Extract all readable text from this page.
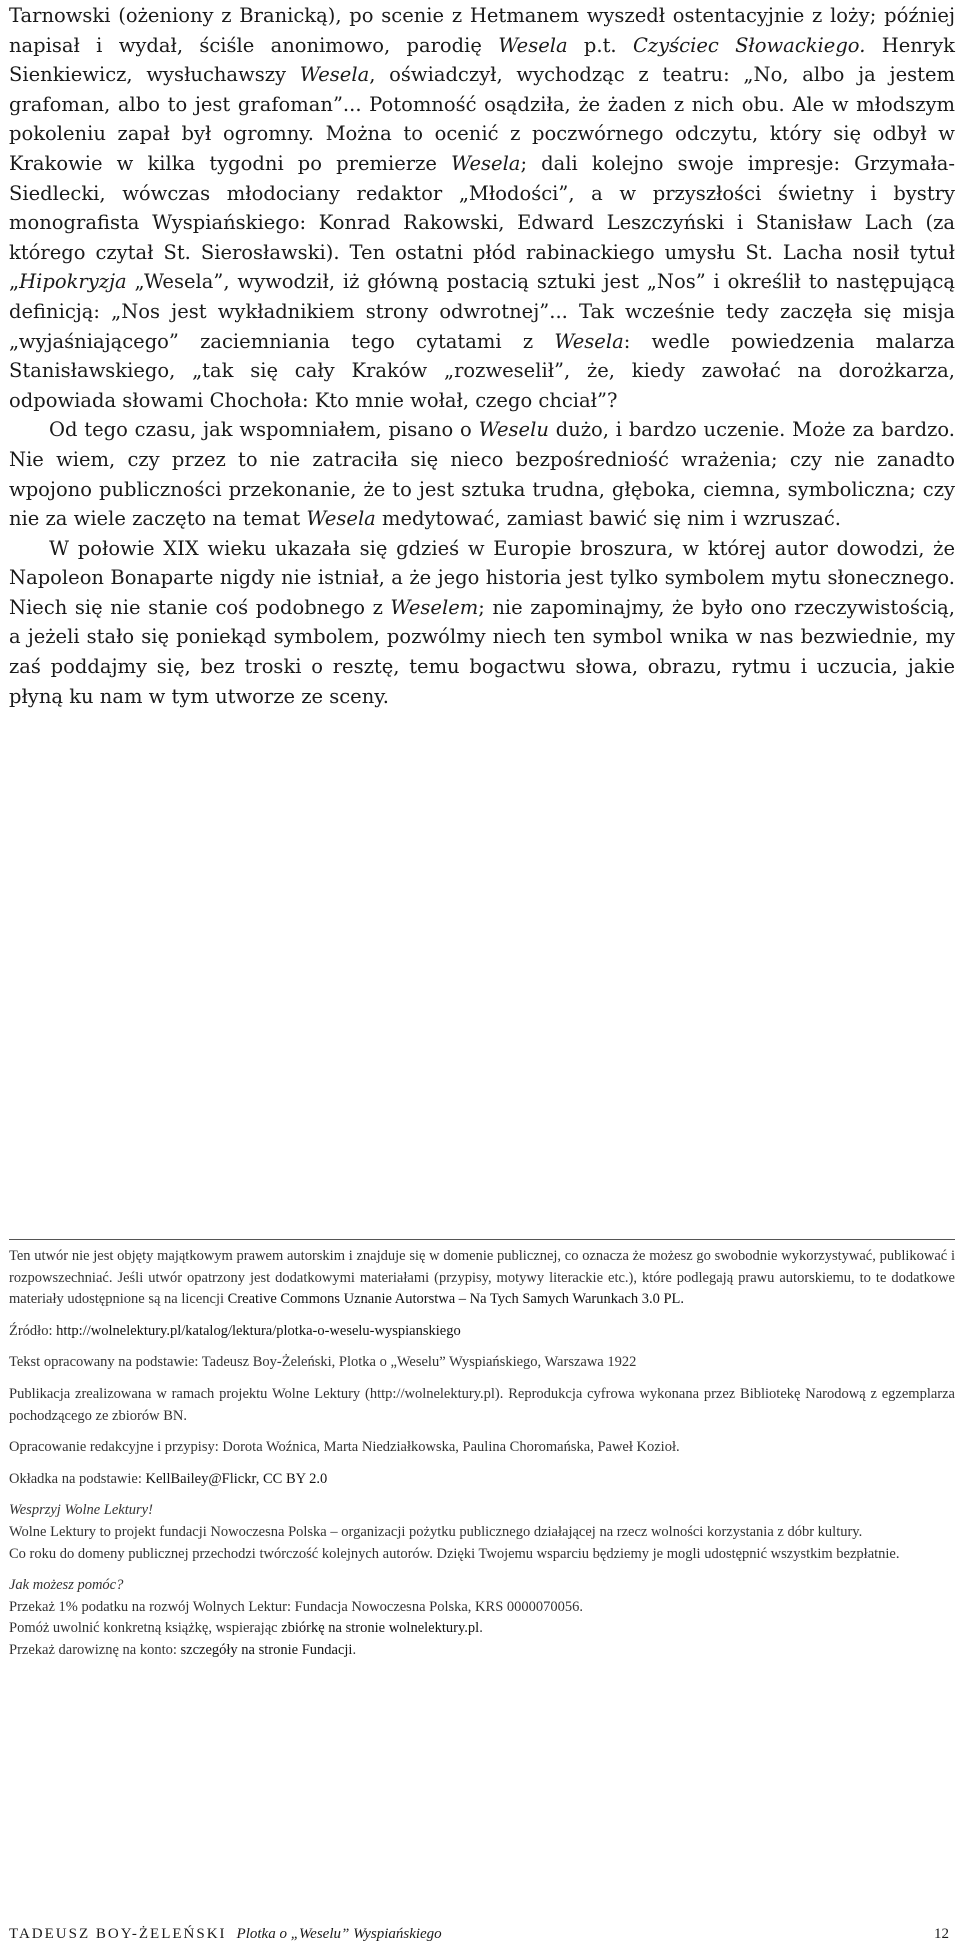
Tarnowski (ożeniony z Branicką), po scenie z Hetmanem wyszedł ostentacyjnie z lożу; później napisał i wydał, ściśle anonimowo, parodię Wesela p.t. Czyściec Słowackiego. Henryk Sienkiewicz, wysłuchawszy Wesela, oświadczył, wychodząc z teatru: „No, albo ja jestem grafoman, albo to jest grafoman”... Potomność osądziła, że żaden z nich obu. Ale w młodszym pokoleniu zapał był ogromny. Można to ocenić z poczwórnego odczytu, który się odbył w Krakowie w kilka tygodni po premierze Wesela; dali kolejno swoje impresje: Grzymała-Siedlecki, wówczas młodociany redaktor „Młodości”, a w przyszłości świetny i bystry monografista Wyspiańskiego: Konrad Rakowski, Edward Leszczyński i Stanisław Lach (za którego czytał St. Sierosławski). Ten ostatni płód rabinackiego umysłu St. Lacha nosił tytuł „Hipokryzja „Wesela”, wywodził, iż główną postacią sztuki jest „Nos” i określił to następującą definicją: „Nos jest wykładnikiem strony odwrotnej”... Tak wcześnie tedy zaczęła się misja „wyjaśniającego” zaciemniania tego cytatami z Wesela: wedle powiedzenia malarza Stanisławskiego, „tak się cały Kraków „rozweselił”, że, kiedy zawołać na dorożkarza, odpowiada słowami Chochoła: Kto mnie wołał, czego chciał”?

Od tego czasu, jak wspomniałem, pisano o Weselu dużo, i bardzo uczenie. Może za bardzo. Nie wiem, czy przez to nie zatraciła się nieco bezpośredniość wrażenia; czy nie zanadto wpojono publiczności przekonanie, że to jest sztuka trudna, głęboka, ciemna, symboliczna; czy nie za wiele zaczęto na temat Wesela medytować, zamiast bawić się nim i wzruszać.

W połowie XIX wieku ukazała się gdzieś w Europie broszura, w której autor dowodzi, że Napoleon Bonaparte nigdy nie istniał, a że jego historia jest tylko symbolem mytu słonecznego. Niech się nie stanie coś podobnego z Weselem; nie zapominajmy, że było ono rzeczywistością, a jeżeli stało się poniekąd symbolem, pozwólmy niech ten symbol wnika w nas bezwiednie, my zaś poddajmy się, bez troski o resztę, temu bogactwu słowa, obrazu, rytmu i uczucia, jakie płyną ku nam w tym utworze ze sceny.

Ten utwór nie jest objęty majątkowym prawem autorskim i znajduje się w domenie publicznej, co oznacza że możesz go swobodnie wykorzystywać, publikować i rozpowszechniać. Jeśli utwór opatrzony jest dodatkowymi materiałami (przypisy, motywy literackie etc.), które podlegają prawu autorskiemu, to te dodatkowe materiały udostępnione są na licencji Creative Commons Uznanie Autorstwa – Na Tych Samych Warunkach 3.0 PL.

Źródło: http://wolnelektury.pl/katalog/lektura/plotka-o-weselu-wyspianskiego

Tekst opracowany na podstawie: Tadeusz Boy-Żeleński, Plotka o „Weselu” Wyspiańskiego, Warszawa 1922

Publikacja zrealizowana w ramach projektu Wolne Lektury (http://wolnelektury.pl). Reprodukcja cyfrowa wykonana przez Bibliotekę Narodową z egzemplarza pochodzącego ze zbiorów BN.

Opracowanie redakcyjne i przypisy: Dorota Woźnica, Marta Niedziałkowska, Paulina Choromańska, Paweł Kozioł.

Okładka na podstawie: KellBailey@Flickr, CC BY 2.0

Wesprzyj Wolne Lektury!

Wolne Lektury to projekt fundacji Nowoczesna Polska – organizacji pożytku publicznego działającej na rzecz wolności korzystania z dóbr kultury.

Co roku do domeny publicznej przechodzi twórczość kolejnych autorów. Dzięki Twojemu wsparciu będziemy je mogli udostępnić wszystkim bezpłatnie.

Jak możesz pomóc?

Przekaż 1% podatku na rozwój Wolnych Lektur: Fundacja Nowoczesna Polska, KRS 0000070056.

Pomóż uwolnić konkretną książkę, wspierając zbiórkę na stronie wolnelektury.pl.

Przekaż darowiznę na konto: szczegóły na stronie Fundacji.

TADEUSZ BOY-ŻELEŃSKI Plotka o „Weselu” Wyspiańskiego	12
